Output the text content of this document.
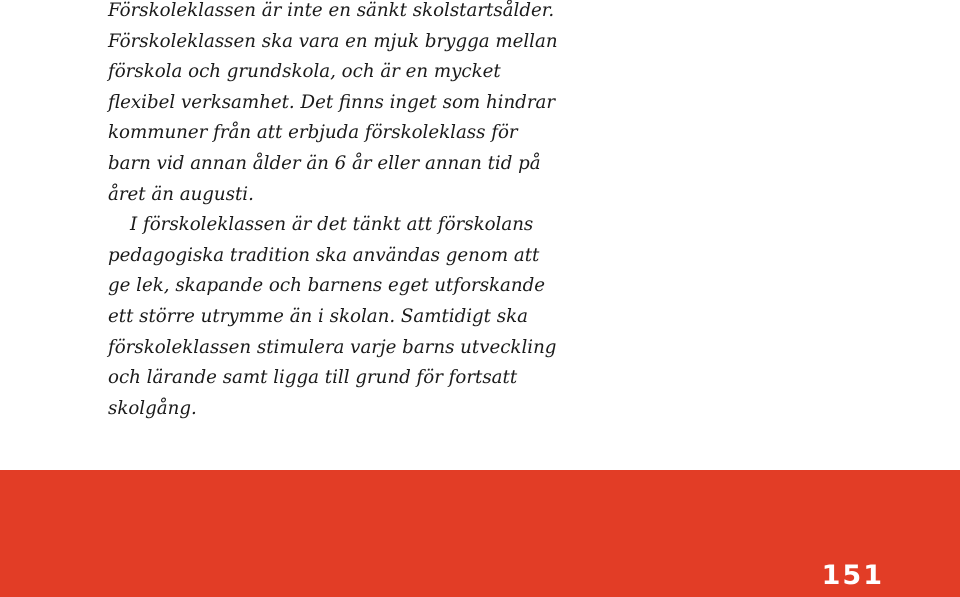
Förskoleklassen är inte en sänkt skolstartsålder.
Förskoleklassen ska vara en mjuk brygga mellan
förskola och grundskola, och är en mycket
flexibel verksamhet. Det finns inget som hindrar
kommuner från att erbjuda förskoleklass för
barn vid annan ålder än 6 år eller annan tid på
året än augusti.
I förskoleklassen är det tänkt att förskolans
pedagogiska tradition ska användas genom att
ge lek, skapande och barnens eget utforskande
ett större utrymme än i skolan. Samtidigt ska
förskoleklassen stimulera varje barns utveckling
och lärande samt ligga till grund för fortsatt
skolgång.
151
